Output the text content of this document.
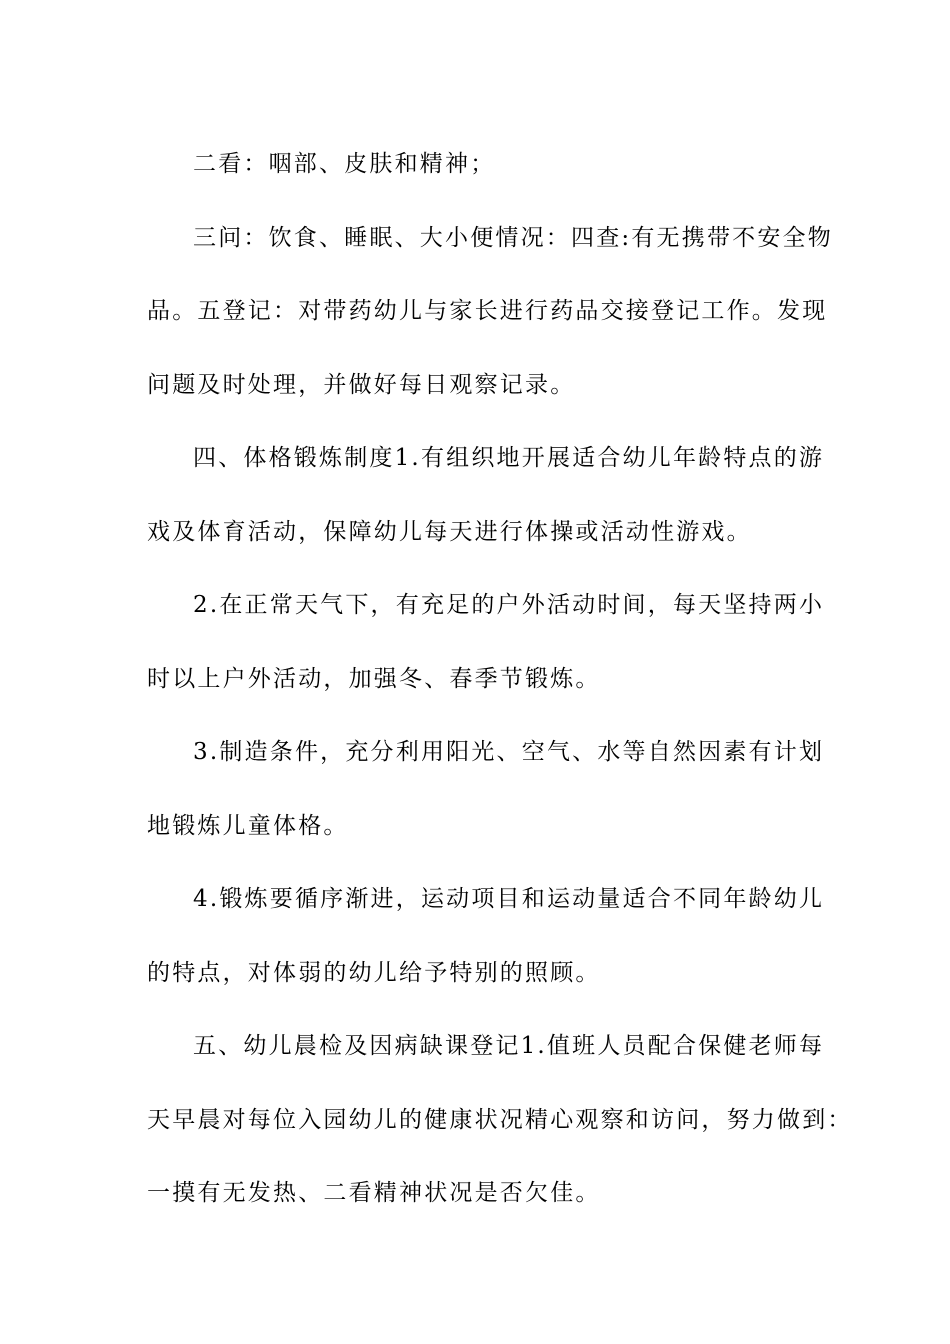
二看：咽部、皮肤和精神；

三问：饮食、睡眠、大小便情况：四查:有无携带不安全物

品。五登记：对带药幼儿与家长进行药品交接登记工作。发现

问题及时处理，并做好每日观察记录。

四、体格锻炼制度1.有组织地开展适合幼儿年龄特点的游

戏及体育活动，保障幼儿每天进行体操或活动性游戏。

2.在正常天气下，有充足的户外活动时间，每天坚持两小

时以上户外活动，加强冬、春季节锻炼。

3.制造条件，充分利用阳光、空气、水等自然因素有计划

地锻炼儿童体格。

4.锻炼要循序渐进，运动项目和运动量适合不同年龄幼儿

的特点，对体弱的幼儿给予特别的照顾。

五、幼儿晨检及因病缺课登记1.值班人员配合保健老师每

天早晨对每位入园幼儿的健康状况精心观察和访问，努力做到：

一摸有无发热、二看精神状况是否欠佳。
